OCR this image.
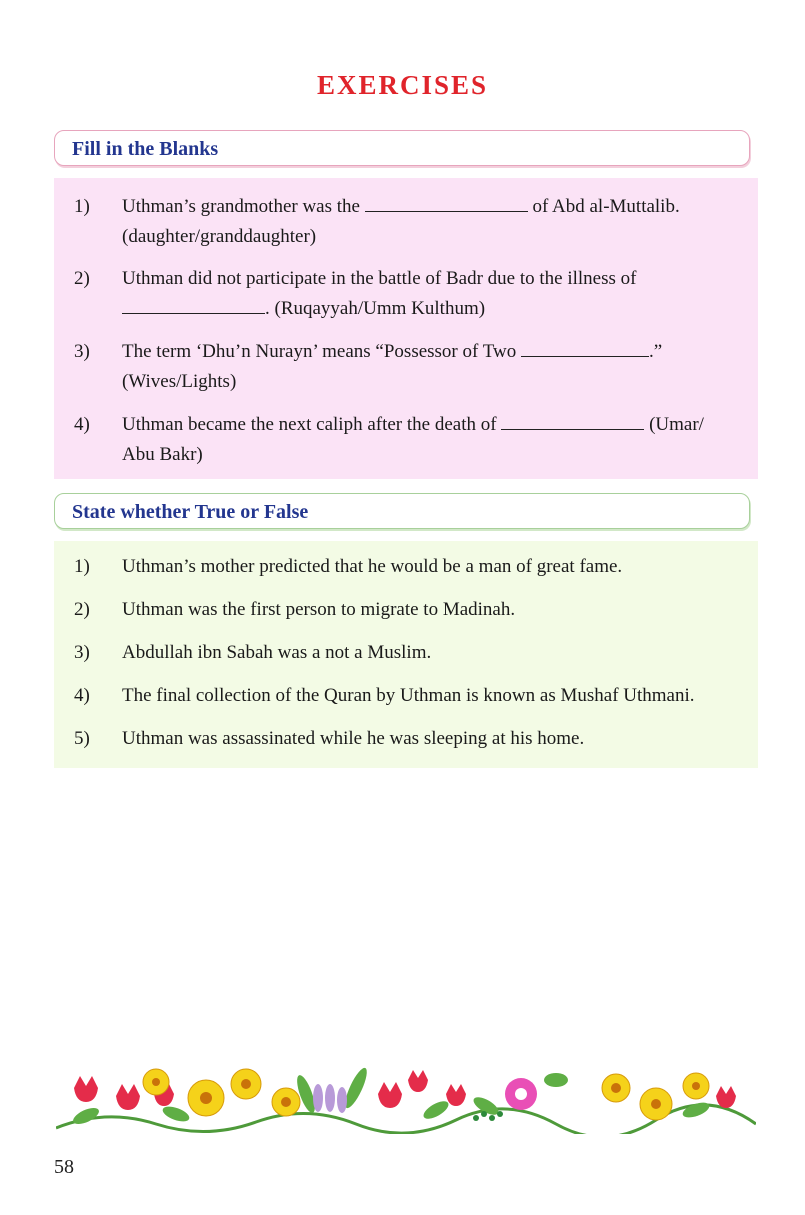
EXERCISES
Fill in the Blanks
1) Uthman’s grandmother was the	of Abd al-Muttalib.
(daughter/granddaughter)
2) Uthman did not participate in the battle of Badr due to the illness of
. (Ruqayyah/Umm Kulthum)
3) The term ‘Dhu’n Nurayn’ means “Possessor of Two	.”
(Wives/Lights)
4) Uthman became the next caliph after the death of	(Umar/
Abu Bakr)
State whether True or False
1) Uthman’s mother predicted that he would be a man of great fame.
2) Uthman was the first person to migrate to Madinah.
3) Abdullah ibn Sabah was a not a Muslim.
4) The final collection of the Quran by Uthman is known as Mushaf Uthmani.
5) Uthman was assassinated while he was sleeping at his home.
58
